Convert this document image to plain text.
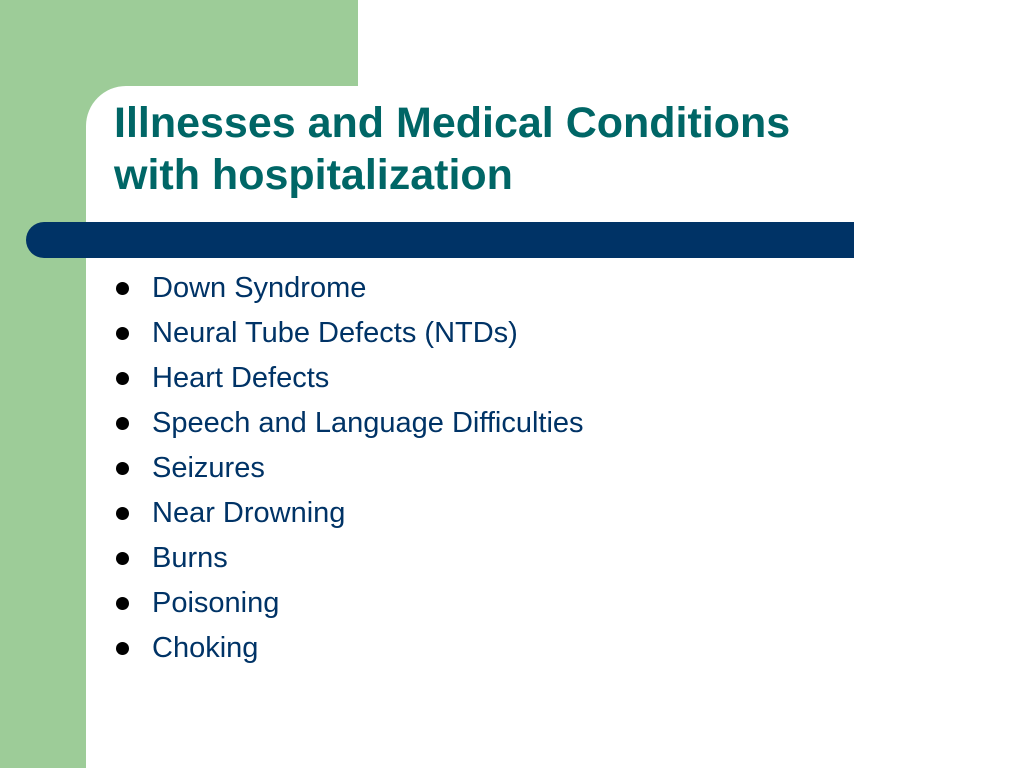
Illnesses and Medical Conditions
with hospitalization
Down Syndrome
Neural Tube Defects (NTDs)
Heart Defects
Speech and Language Difficulties
Seizures
Near Drowning
Burns
Poisoning
Choking
